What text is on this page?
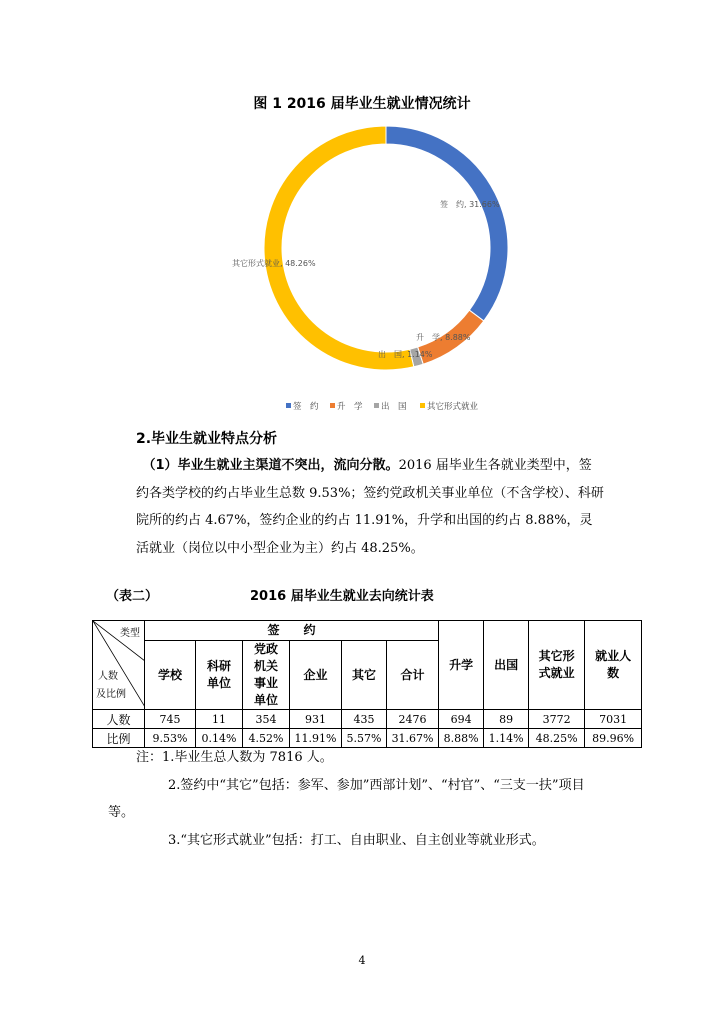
图 1 2016 届毕业生就业情况统计
签　约, 31.66%
升　学, 8.88%
出　国, 1.14%
其它形式就业, 48.26%
签　约 升　学 出　国 其它形式就业
2.毕业生就业特点分析
　（1）毕业生就业主渠道不突出，流向分散。2016 届毕业生各就业类型中，签约各类学校的约占毕业生总数 9.53%；签约党政机关事业单位（不含学校）、科研院所的约占 4.67%，签约企业的约占 11.91%，升学和出国的约占 8.88%，灵活就业（岗位以中小型企业为主）约占 48.25%。
（表二）	2016 届毕业生就业去向统计表
类型
人数
及比例	签　　约						升学	出国	其它形式就业	就业人数
	学校	科研单位	党政机关事业单位	企业	其它	合计				
人数	745	11	354	931	435	2476	694	89	3772	7031
比例	9.53%	0.14%	4.52%	11.91%	5.57%	31.67%	8.88%	1.14%	48.25%	89.96%
注：1.毕业生总人数为 7816 人。
2.签约中“其它”包括：参军、参加”西部计划”、“村官”、“三支一扶”项目等。
3.“其它形式就业”包括：打工、自由职业、自主创业等就业形式。
4
